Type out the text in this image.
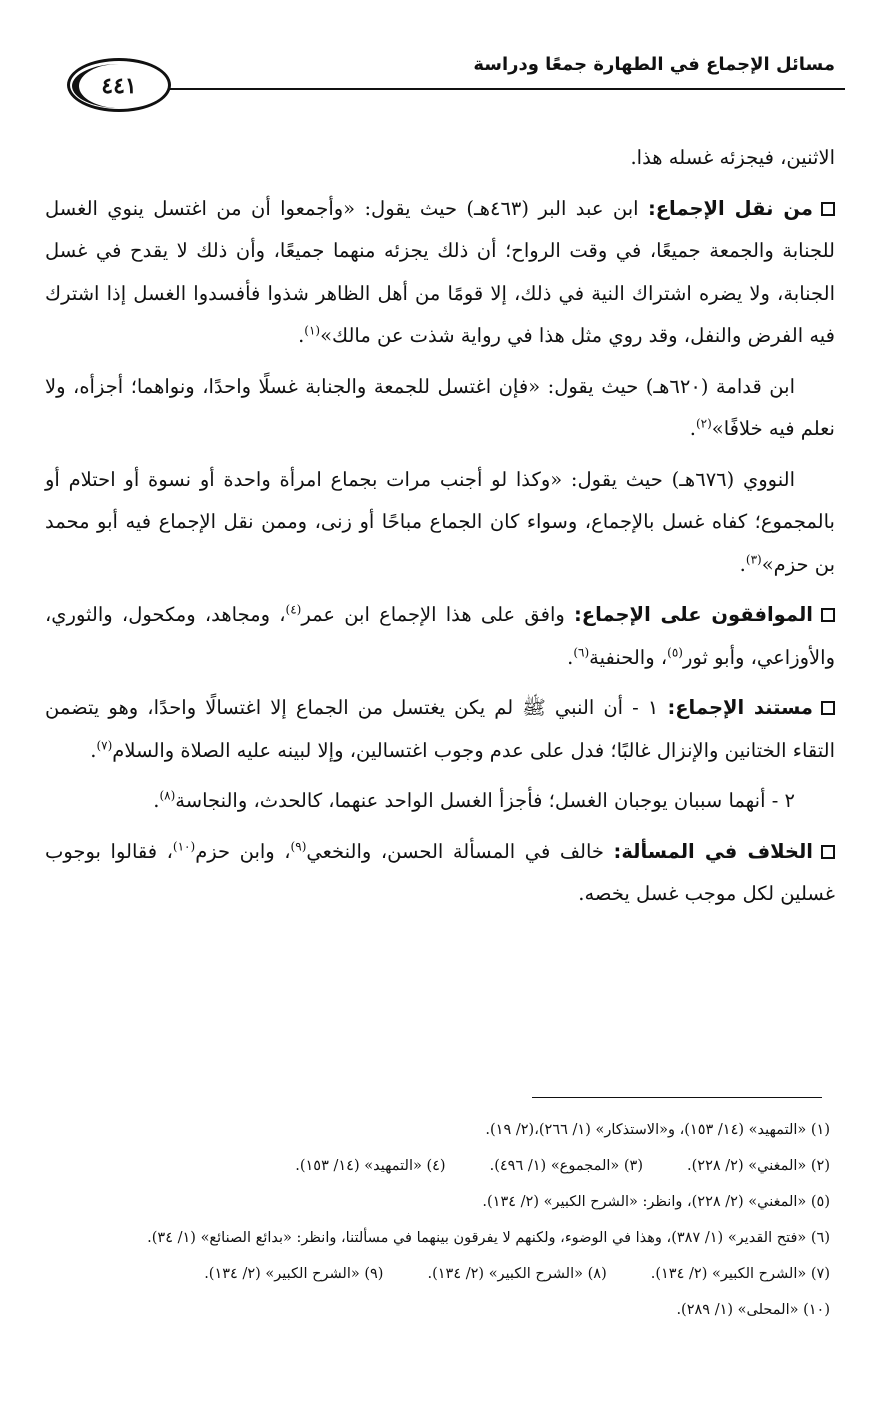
مسائل الإجماع في الطهارة جمعًا ودراسة
٤٤١

الاثنين، فيجزئه غسله هذا.

من نقل الإجماع: ابن عبد البر (٤٦٣هـ) حيث يقول: «وأجمعوا أن من اغتسل ينوي الغسل للجنابة والجمعة جميعًا، في وقت الرواح؛ أن ذلك يجزئه منهما جميعًا، وأن ذلك لا يقدح في غسل الجنابة، ولا يضره اشتراك النية في ذلك، إلا قومًا من أهل الظاهر شذوا فأفسدوا الغسل إذا اشترك فيه الفرض والنفل، وقد روي مثل هذا في رواية شذت عن مالك»$^{(١)}$.

ابن قدامة (٦٢٠هـ) حيث يقول: «فإن اغتسل للجمعة والجنابة غسلًا واحدًا، ونواهما؛ أجزأه، ولا نعلم فيه خلافًا»$^{(٢)}$.

النووي (٦٧٦هـ) حيث يقول: «وكذا لو أجنب مرات بجماع امرأة واحدة أو نسوة أو احتلام أو بالمجموع؛ كفاه غسل بالإجماع، وسواء كان الجماع مباحًا أو زنى، وممن نقل الإجماع فيه أبو محمد بن حزم»$^{(٣)}$.

الموافقون على الإجماع: وافق على هذا الإجماع ابن عمر$^{(٤)}$، ومجاهد، ومكحول، والثوري، والأوزاعي، وأبو ثور$^{(٥)}$، والحنفية$^{(٦)}$.

مستند الإجماع: ١ - أن النبي ﷺ لم يكن يغتسل من الجماع إلا اغتسالًا واحدًا، وهو يتضمن التقاء الختانين والإنزال غالبًا؛ فدل على عدم وجوب اغتسالين، وإلا لبينه عليه الصلاة والسلام$^{(٧)}$.

٢ - أنهما سببان يوجبان الغسل؛ فأجزأ الغسل الواحد عنهما، كالحدث، والنجاسة$^{(٨)}$.

الخلاف في المسألة: خالف في المسألة الحسن، والنخعي$^{(٩)}$، وابن حزم$^{(١٠)}$، فقالوا بوجوب غسلين لكل موجب غسل يخصه.

(١) «التمهيد» (١٤/ ١٥٣)، و«الاستذكار» (١/ ٢٦٦)،(٢/ ١٩).
(٢) «المغني» (٢/ ٢٢٨).
(٣) «المجموع» (١/ ٤٩٦).
(٤) «التمهيد» (١٤/ ١٥٣).
(٥) «المغني» (٢/ ٢٢٨)، وانظر: «الشرح الكبير» (٢/ ١٣٤).
(٦) «فتح القدير» (١/ ٣٨٧)، وهذا في الوضوء، ولكنهم لا يفرقون بينهما في مسألتنا، وانظر: «بدائع الصنائع» (١/ ٣٤).
(٧) «الشرح الكبير» (٢/ ١٣٤).
(٨) «الشرح الكبير» (٢/ ١٣٤).
(٩) «الشرح الكبير» (٢/ ١٣٤).
(١٠) «المحلى» (١/ ٢٨٩).
